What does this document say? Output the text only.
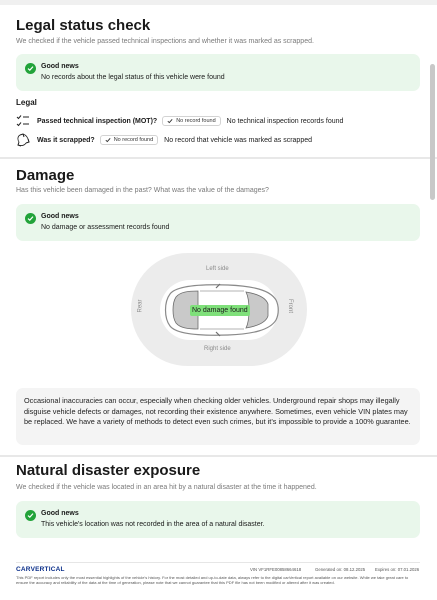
Legal status check
We checked if the vehicle passed technical inspections and whether it was marked as scrapped.
Good news
No records about the legal status of this vehicle were found
Legal
Passed technical inspection (MOT)?	No record found No technical inspection records found
Was it scrapped?	No record found No record that vehicle was marked as scrapped
Damage
Has this vehicle been damaged in the past? What was the value of the damages?
Good news
No damage or assessment records found
Left side
Right side
Rear	Front
No damage found

Occasional inaccuracies can occur, especially when checking older vehicles. Underground repair shops may illegally disguise vehicle defects or damages, not recording their existence anywhere. Sometimes, even vehicle VIN plates may be replaced. We have a variety of methods to detect even such crimes, but it’s impossible to provide a 100% guarantee.

Natural disaster exposure
We checked if the vehicle was located in an area hit by a natural disaster at the time it happened.
Good news
This vehicle's location was not recorded in the area of a natural disaster.
CARVERTICAL	VIN VF1RFE00858664618	Generated on: 08.12.2025 Expires on: 07.01.2026
This PDF report includes only the most essential highlights of the vehicle's history. For the most detailed and up-to-date data, always refer to the digital carVertical report available on our website. While we take great care to ensure the accuracy and reliability of the data at the time of generation, please note that we cannot guarantee that this PDF file has not been modified or altered after it was created.
